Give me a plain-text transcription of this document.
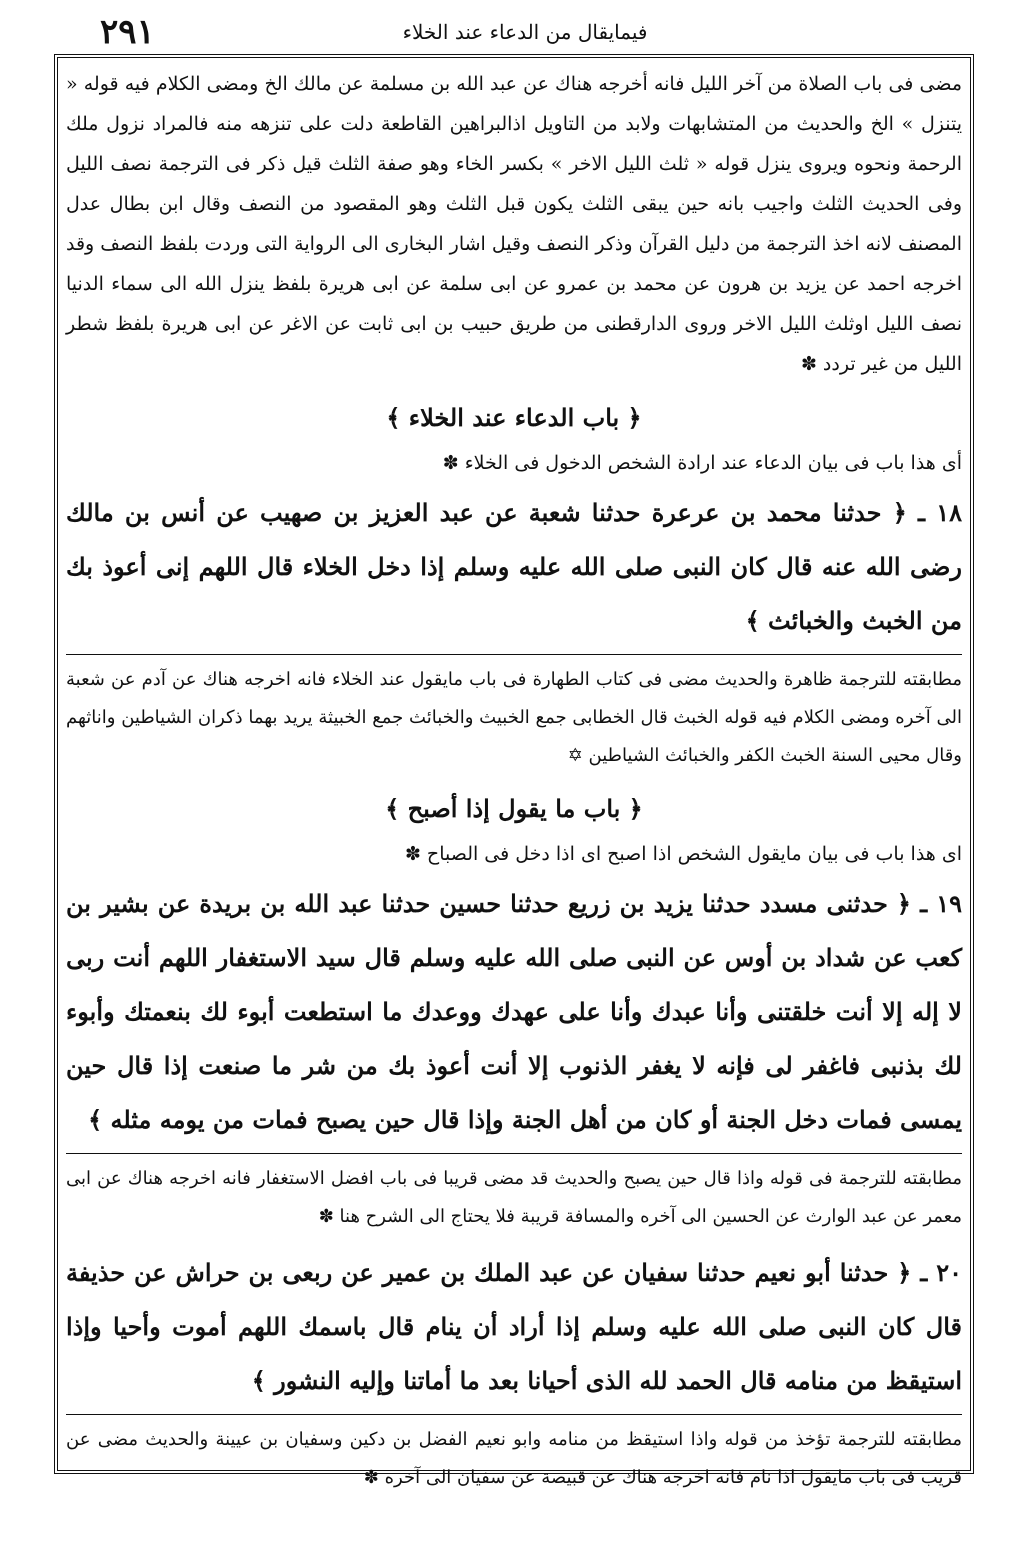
٢٩١	فيمايقال من الدعاء عند الخلاء

مضى فى باب الصلاة من آخر الليل فانه أخرجه هناك عن عبد الله بن مسلمة عن مالك الخ ومضى الكلام فيه قوله « يتنزل » الخ والحديث من المتشابهات ولابد من التاويل اذالبراهين القاطعة دلت على تنزهه منه فالمراد نزول ملك الرحمة ونحوه ويروى ينزل قوله « ثلث الليل الاخر » بكسر الخاء وهو صفة الثلث قيل ذكر فى الترجمة نصف الليل وفى الحديث الثلث واجيب بانه حين يبقى الثلث يكون قبل الثلث وهو المقصود من النصف وقال ابن بطال عدل المصنف لانه اخذ الترجمة من دليل القرآن وذكر النصف وقيل اشار البخارى الى الرواية التى وردت بلفظ النصف وقد اخرجه احمد عن يزيد بن هرون عن محمد بن عمرو عن ابى سلمة عن ابى هريرة بلفظ ينزل الله الى سماء الدنيا نصف الليل اوثلث الليل الاخر وروى الدارقطنى من طريق حبيب بن ابى ثابت عن الاغر عن ابى هريرة بلفظ شطر الليل من غير تردد ✽

﴿ باب الدعاء عند الخلاء ﴾

أى هذا باب فى بيان الدعاء عند ارادة الشخص الدخول فى الخلاء ✽

١٨ ـ ﴿ حدثنا محمد بن عرعرة حدثنا شعبة عن عبد العزيز بن صهيب عن أنس بن مالك رضى الله عنه قال كان النبى صلى الله عليه وسلم إذا دخل الخلاء قال اللهم إنى أعوذ بك من الخبث والخبائث ﴾

مطابقته للترجمة ظاهرة والحديث مضى فى كتاب الطهارة فى باب مايقول عند الخلاء فانه اخرجه هناك عن آدم عن شعبة الى آخره ومضى الكلام فيه قوله الخبث قال الخطابى جمع الخبيث والخبائث جمع الخبيثة يريد بهما ذكران الشياطين واناثهم وقال محيى السنة الخبث الكفر والخبائث الشياطين ✡

﴿ باب ما يقول إذا أصبح ﴾

اى هذا باب فى بيان مايقول الشخص اذا اصبح اى اذا دخل فى الصباح ✽

١٩ ـ ﴿ حدثنى مسدد حدثنا يزيد بن زريع حدثنا حسين حدثنا عبد الله بن بريدة عن بشير بن كعب عن شداد بن أوس عن النبى صلى الله عليه وسلم قال سيد الاستغفار اللهم أنت ربى لا إله إلا أنت خلقتنى وأنا عبدك وأنا على عهدك ووعدك ما استطعت أبوء لك بنعمتك وأبوء لك بذنبى فاغفر لى فإنه لا يغفر الذنوب إلا أنت أعوذ بك من شر ما صنعت إذا قال حين يمسى فمات دخل الجنة أو كان من أهل الجنة وإذا قال حين يصبح فمات من يومه مثله ﴾

مطابقته للترجمة فى قوله واذا قال حين يصبح والحديث قد مضى قريبا فى باب افضل الاستغفار فانه اخرجه هناك عن ابى معمر عن عبد الوارث عن الحسين الى آخره والمسافة قريبة فلا يحتاج الى الشرح هنا ✽

٢٠ ـ ﴿ حدثنا أبو نعيم حدثنا سفيان عن عبد الملك بن عمير عن ربعى بن حراش عن حذيفة قال كان النبى صلى الله عليه وسلم إذا أراد أن ينام قال باسمك اللهم أموت وأحيا وإذا استيقظ من منامه قال الحمد لله الذى أحيانا بعد ما أماتنا وإليه النشور ﴾

مطابقته للترجمة تؤخذ من قوله واذا استيقظ من منامه وابو نعيم الفضل بن دكين وسفيان بن عيينة والحديث مضى عن قريب فى باب مايقول اذا نام فانه اخرجه هناك عن قبيصة عن سفيان الى آخره ✽
